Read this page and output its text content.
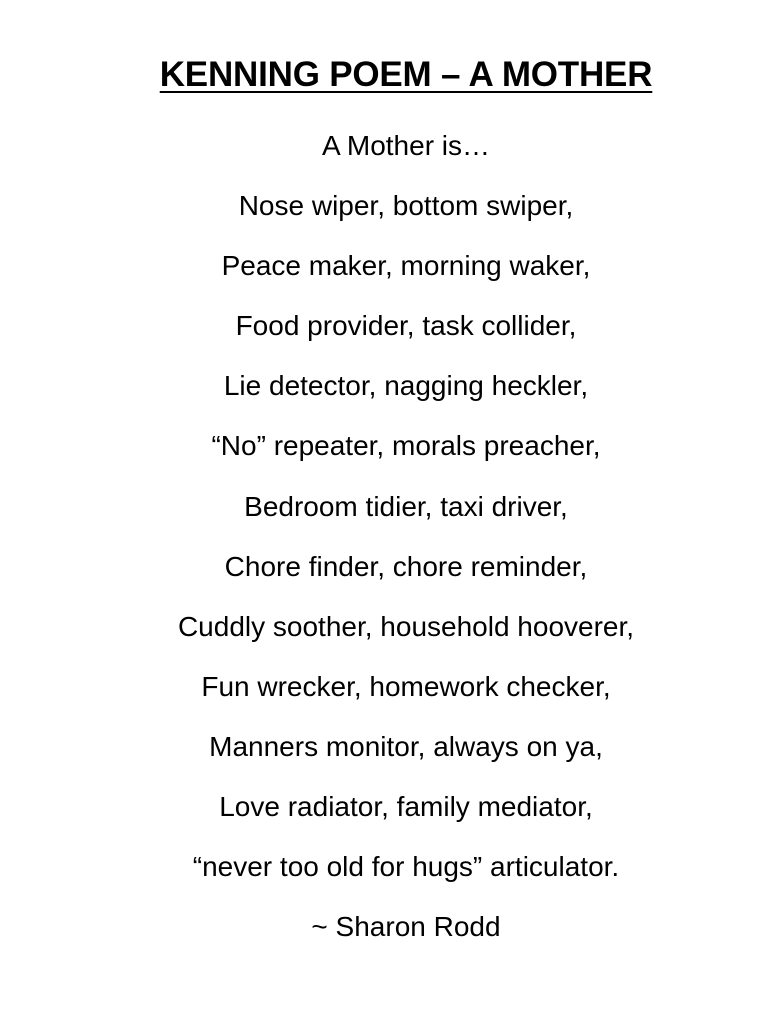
KENNING POEM – A MOTHER
A Mother is…
Nose wiper, bottom swiper,
Peace maker, morning waker,
Food provider, task collider,
Lie detector, nagging heckler,
“No” repeater, morals preacher,
Bedroom tidier, taxi driver,
Chore finder, chore reminder,
Cuddly soother, household hooverer,
Fun wrecker, homework checker,
Manners monitor, always on ya,
Love radiator, family mediator,
“never too old for hugs” articulator.
~ Sharon Rodd
